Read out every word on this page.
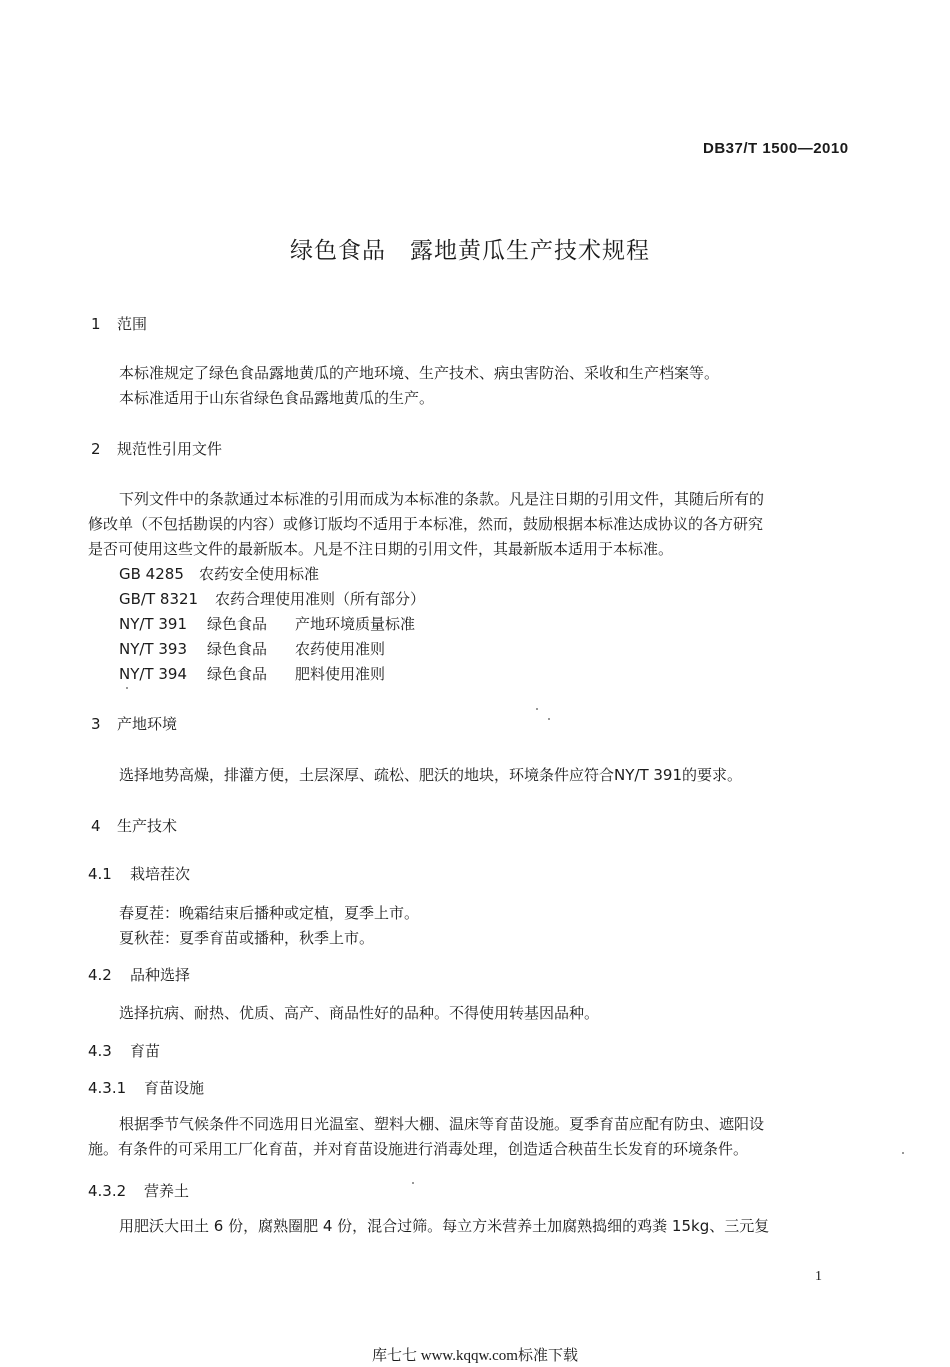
DB37/T 1500—2010
绿色食品 露地黄瓜生产技术规程
1 范围
本标准规定了绿色食品露地黄瓜的产地环境、生产技术、病虫害防治、采收和生产档案等。
本标准适用于山东省绿色食品露地黄瓜的生产。
2 规范性引用文件
下列文件中的条款通过本标准的引用而成为本标准的条款。凡是注日期的引用文件，其随后所有的
修改单（不包括勘误的内容）或修订版均不适用于本标准，然而，鼓励根据本标准达成协议的各方研究
是否可使用这些文件的最新版本。凡是不注日期的引用文件，其最新版本适用于本标准。
GB 4285 农药安全使用标准
GB/T 8321 农药合理使用准则（所有部分）
NY/T 391 绿色食品 产地环境质量标准
NY/T 393 绿色食品 农药使用准则
NY/T 394 绿色食品 肥料使用准则
3 产地环境
选择地势高燥，排灌方便，土层深厚、疏松、肥沃的地块，环境条件应符合NY/T 391的要求。
4 生产技术
4.1 栽培茬次
春夏茬：晚霜结束后播种或定植，夏季上市。
夏秋茬：夏季育苗或播种，秋季上市。
4.2 品种选择
选择抗病、耐热、优质、高产、商品性好的品种。不得使用转基因品种。
4.3 育苗
4.3.1 育苗设施
根据季节气候条件不同选用日光温室、塑料大棚、温床等育苗设施。夏季育苗应配有防虫、遮阳设
施。有条件的可采用工厂化育苗，并对育苗设施进行消毒处理，创造适合秧苗生长发育的环境条件。
4.3.2 营养土
用肥沃大田土 6 份，腐熟圈肥 4 份，混合过筛。每立方米营养土加腐熟捣细的鸡粪 15kg、三元复
1
库七七 www.kqqw.com标准下载
